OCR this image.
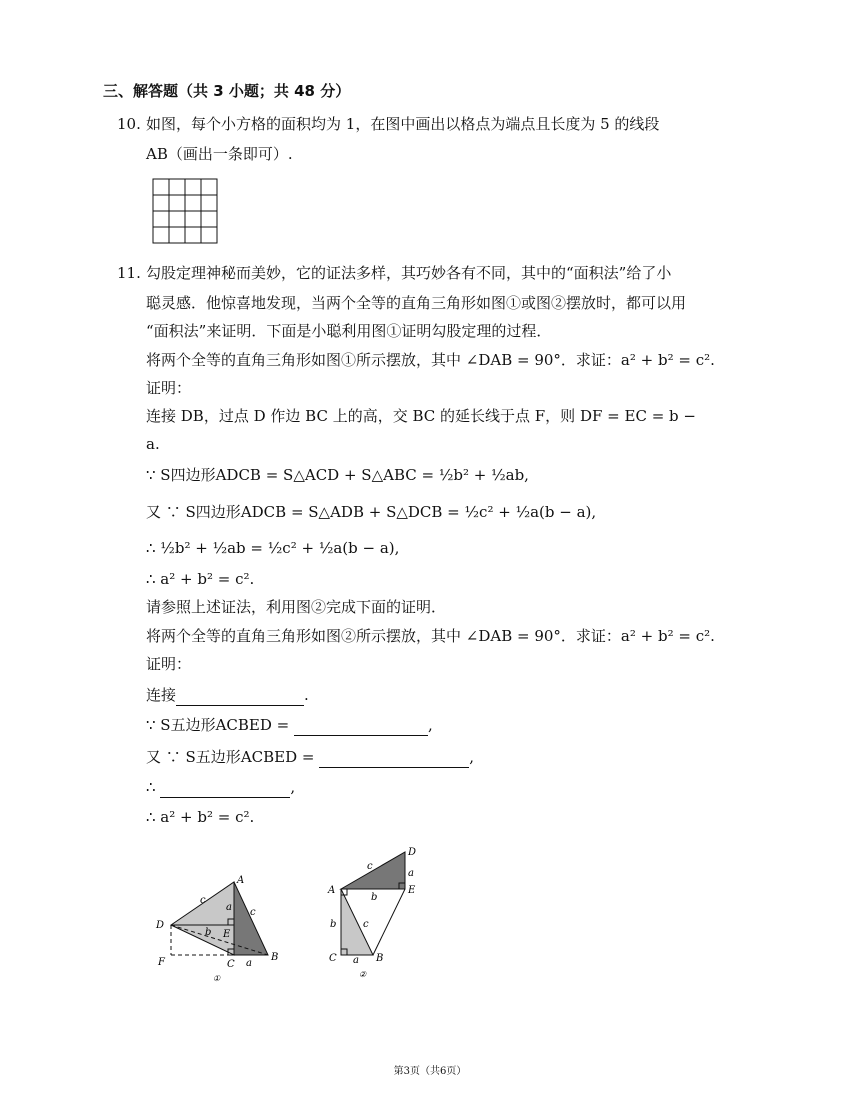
三、解答题（共 3 小题；共 48 分）
10. 如图，每个小方格的面积均为 1，在图中画出以格点为端点且长度为 5 的线段
AB（画出一条即可）.
11. 勾股定理神秘而美妙，它的证法多样，其巧妙各有不同，其中的“面积法”给了小
聪灵感．他惊喜地发现，当两个全等的直角三角形如图①或图②摆放时，都可以用
“面积法”来证明．下面是小聪利用图①证明勾股定理的过程．
将两个全等的直角三角形如图①所示摆放，其中 ∠DAB = 90°．求证：a² + b² = c².
证明：
连接 DB，过点 D 作边 BC 上的高，交 BC 的延长线于点 F，则 DF = EC = b −
a.
∵ S四边形ADCB = S△ACD + S△ABC = ½b² + ½ab,
又 ∵ S四边形ADCB = S△ADB + S△DCB = ½c² + ½a(b − a),
∴ ½b² + ½ab = ½c² + ½a(b − a),
∴ a² + b² = c².
请参照上述证法，利用图②完成下面的证明．
将两个全等的直角三角形如图②所示摆放，其中 ∠DAB = 90°．求证：a² + b² = c².
证明：
连接	.
∵ S五边形ACBED =	,
又 ∵ S五边形ACBED =	,
∴	,
∴ a² + b² = c².
A
c
a c
D
b E
C
B
a
F
①
D
c
a
A
b
E
b	c
C a B
②
第3页（共6页）
